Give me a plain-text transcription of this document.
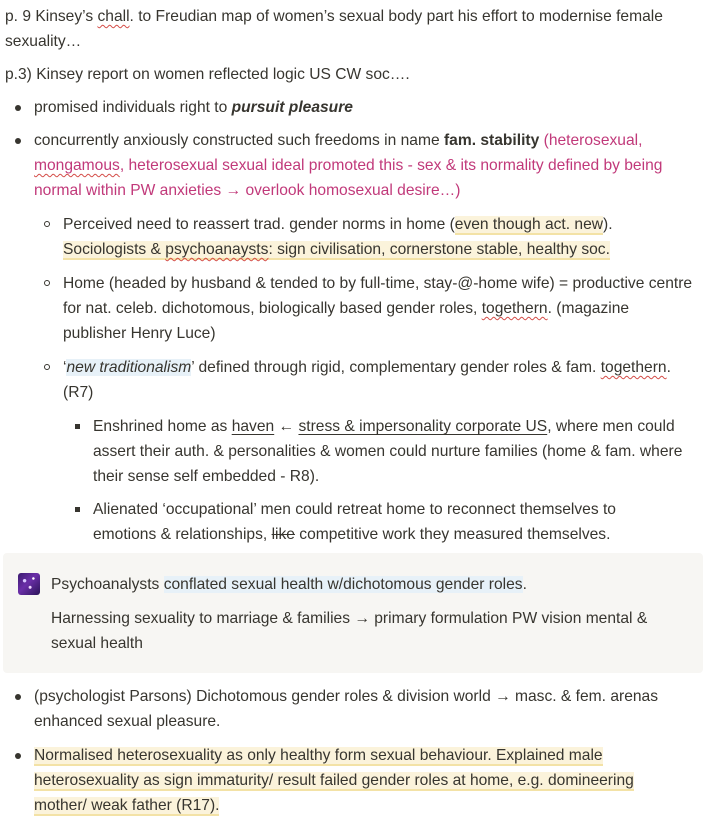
p. 9 Kinsey’s chall. to Freudian map of women’s sexual body part his effort to modernise female sexuality…
p.3) Kinsey report on women reflected logic US CW soc….
promised individuals right to pursuit pleasure
concurrently anxiously constructed such freedoms in name fam. stability (heterosexual, mongamous, heterosexual sexual ideal promoted this - sex & its normality defined by being normal within PW anxieties → overlook homosexual desire…)
Perceived need to reassert trad. gender norms in home (even though act. new).
Sociologists & psychoanaysts: sign civilisation, cornerstone stable, healthy soc.
Home (headed by husband & tended to by full-time, stay-@-home wife) = productive centre for nat. celeb. dichotomous, biologically based gender roles, togethern. (magazine publisher Henry Luce)
‘new traditionalism’ defined through rigid, complementary gender roles & fam. togethern. (R7)
Enshrined home as haven ← stress & impersonality corporate US, where men could assert their auth. & personalities & women could nurture families (home & fam. where their sense self embedded - R8).
Alienated ‘occupational’ men could retreat home to reconnect themselves to emotions & relationships, like competitive work they measured themselves.
Psychoanalysts conflated sexual health w/dichotomous gender roles.
Harnessing sexuality to marriage & families → primary formulation PW vision mental & sexual health
(psychologist Parsons) Dichotomous gender roles & division world → masc. & fem. arenas enhanced sexual pleasure.
Normalised heterosexuality as only healthy form sexual behaviour. Explained male heterosexuality as sign immaturity/ result failed gender roles at home, e.g. domineering mother/ weak father (R17).
